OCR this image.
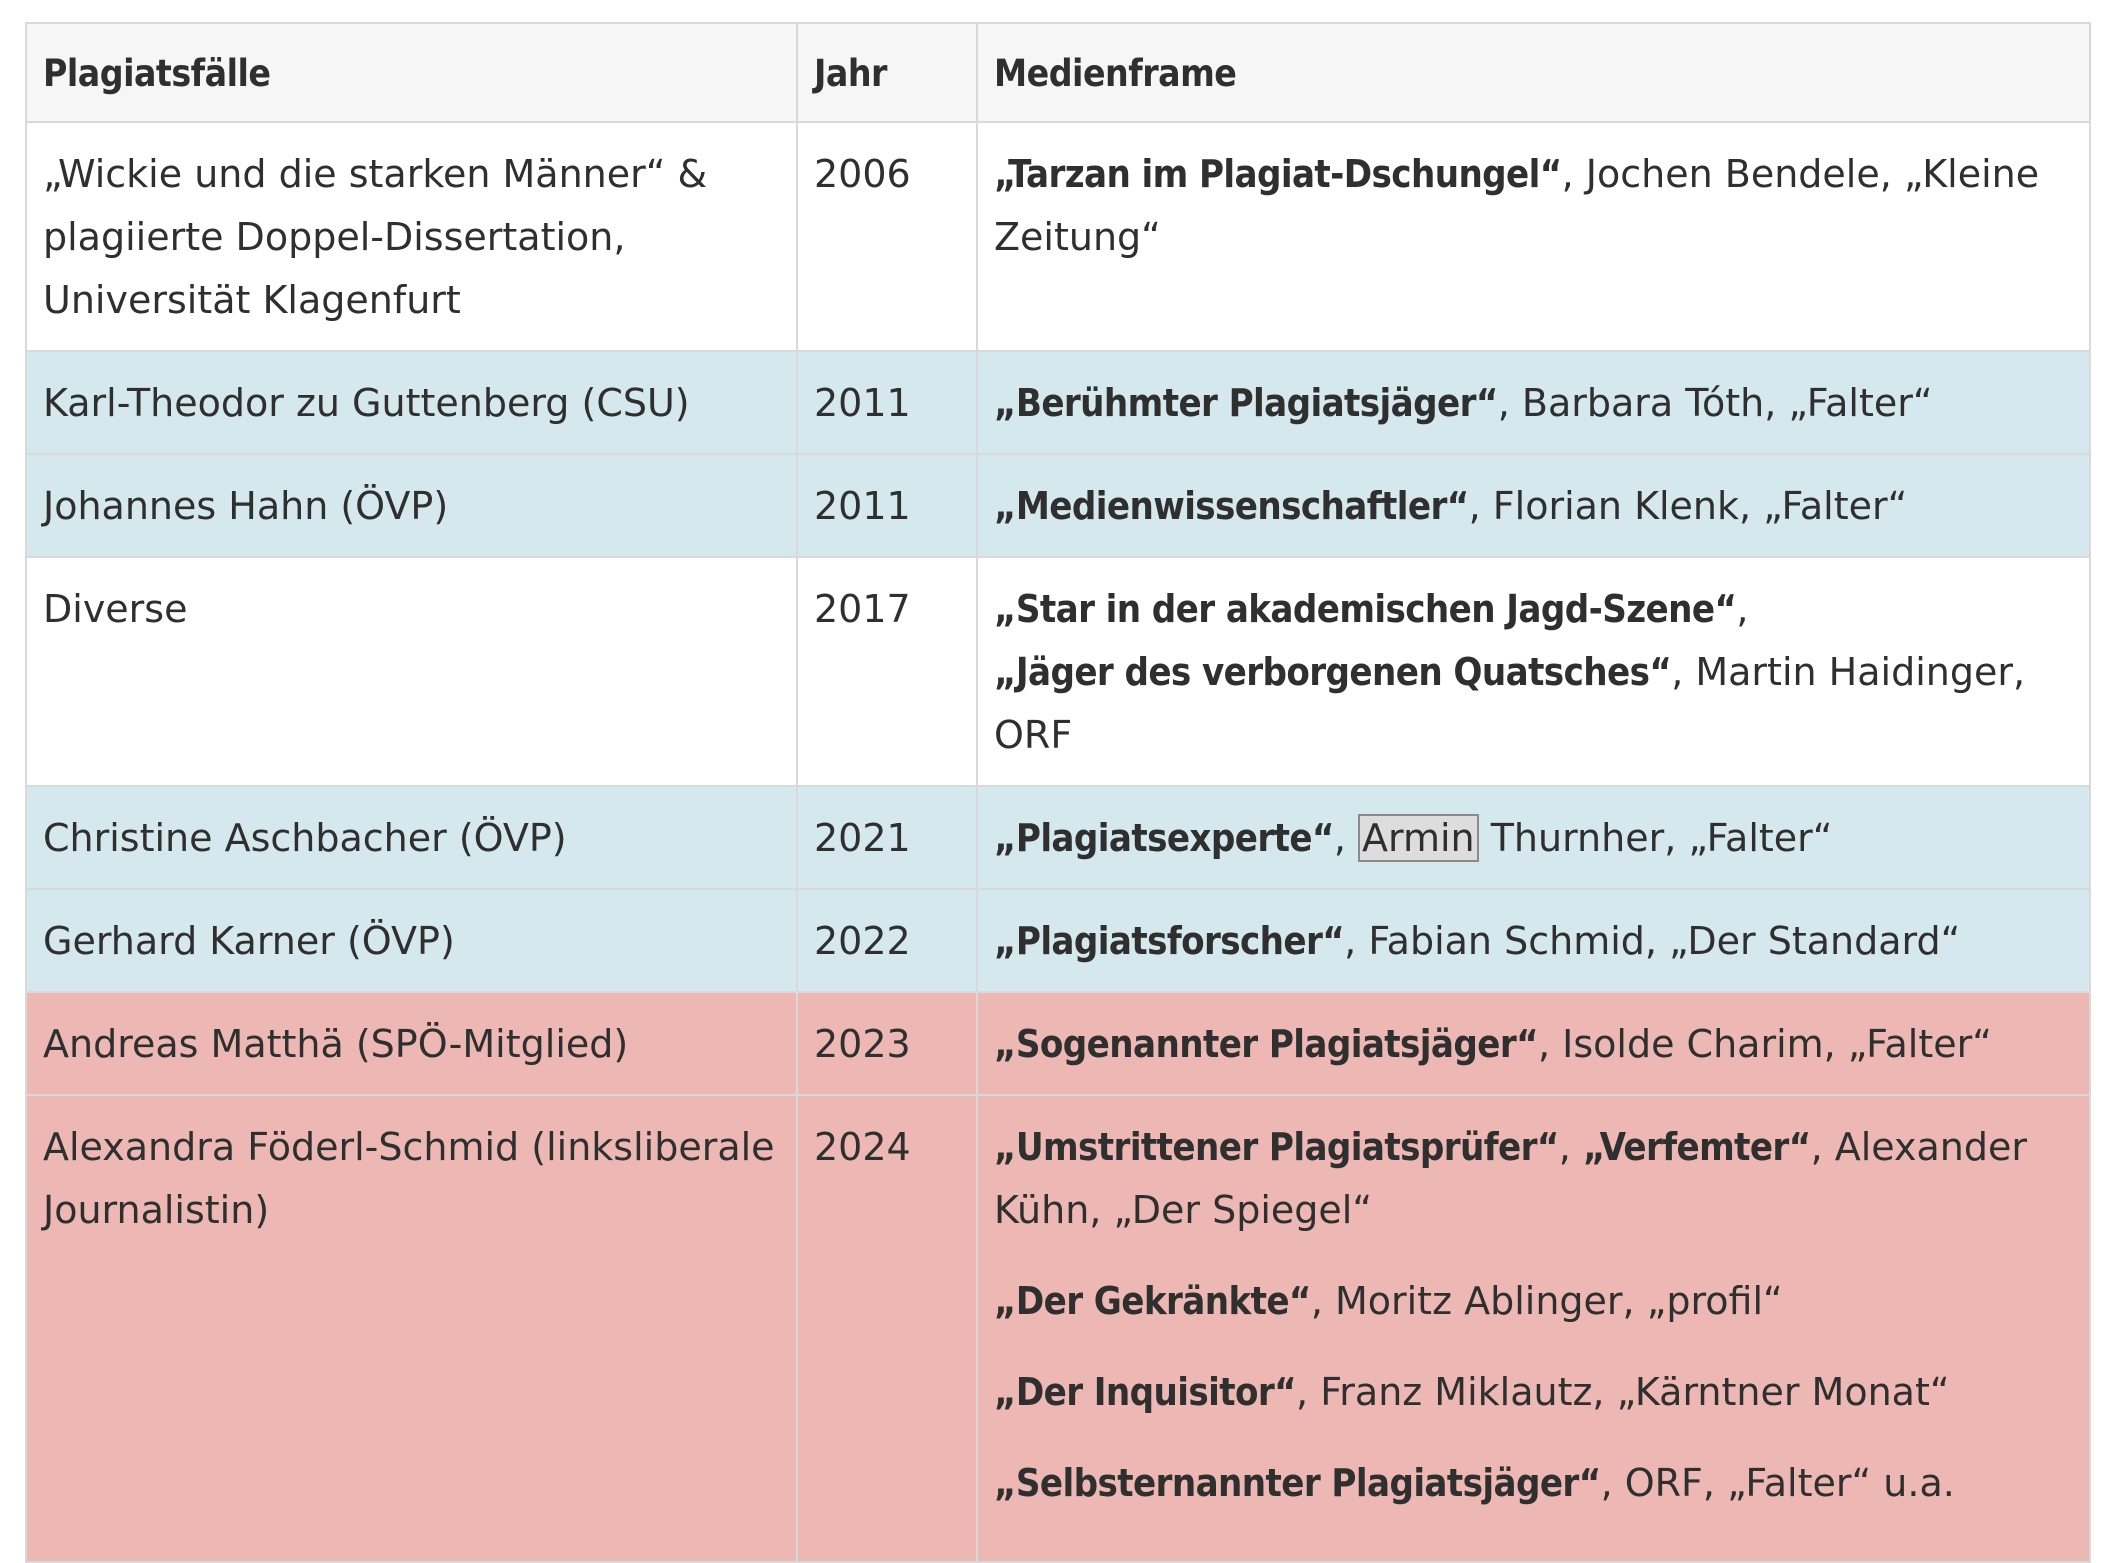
Plagiatsfälle	Jahr	Medienframe
„Wickie und die starken Männer“ & plagiierte Doppel-Dissertation, Universität Klagenfurt	2006	„Tarzan im Plagiat-Dschungel“, Jochen Bendele, „Kleine Zeitung“
Karl-Theodor zu Guttenberg (CSU)	2011	„Berühmter Plagiatsjäger“, Barbara Tóth, „Falter“
Johannes Hahn (ÖVP)	2011	„Medienwissenschaftler“, Florian Klenk, „Falter“
Diverse	2017	„Star in der akademischen Jagd-Szene“,
„Jäger des verborgenen Quatsches“, Martin Haidinger, ORF
Christine Aschbacher (ÖVP)	2021	„Plagiatsexperte“, Armin Thurnher, „Falter“
Gerhard Karner (ÖVP)	2022	„Plagiatsforscher“, Fabian Schmid, „Der Standard“
Andreas Matthä (SPÖ-Mitglied)	2023	„Sogenannter Plagiatsjäger“, Isolde Charim, „Falter“
Alexandra Föderl-Schmid (linksliberale Journalistin)	2024	„Umstrittener Plagiatsprüfer“, „Verfemter“, Alexander Kühn, „Der Spiegel“

„Der Gekränkte“, Moritz Ablinger, „profil“

„Der Inquisitor“, Franz Miklautz, „Kärntner Monat“

„Selbsternannter Plagiatsjäger“, ORF, „Falter“ u.a.
